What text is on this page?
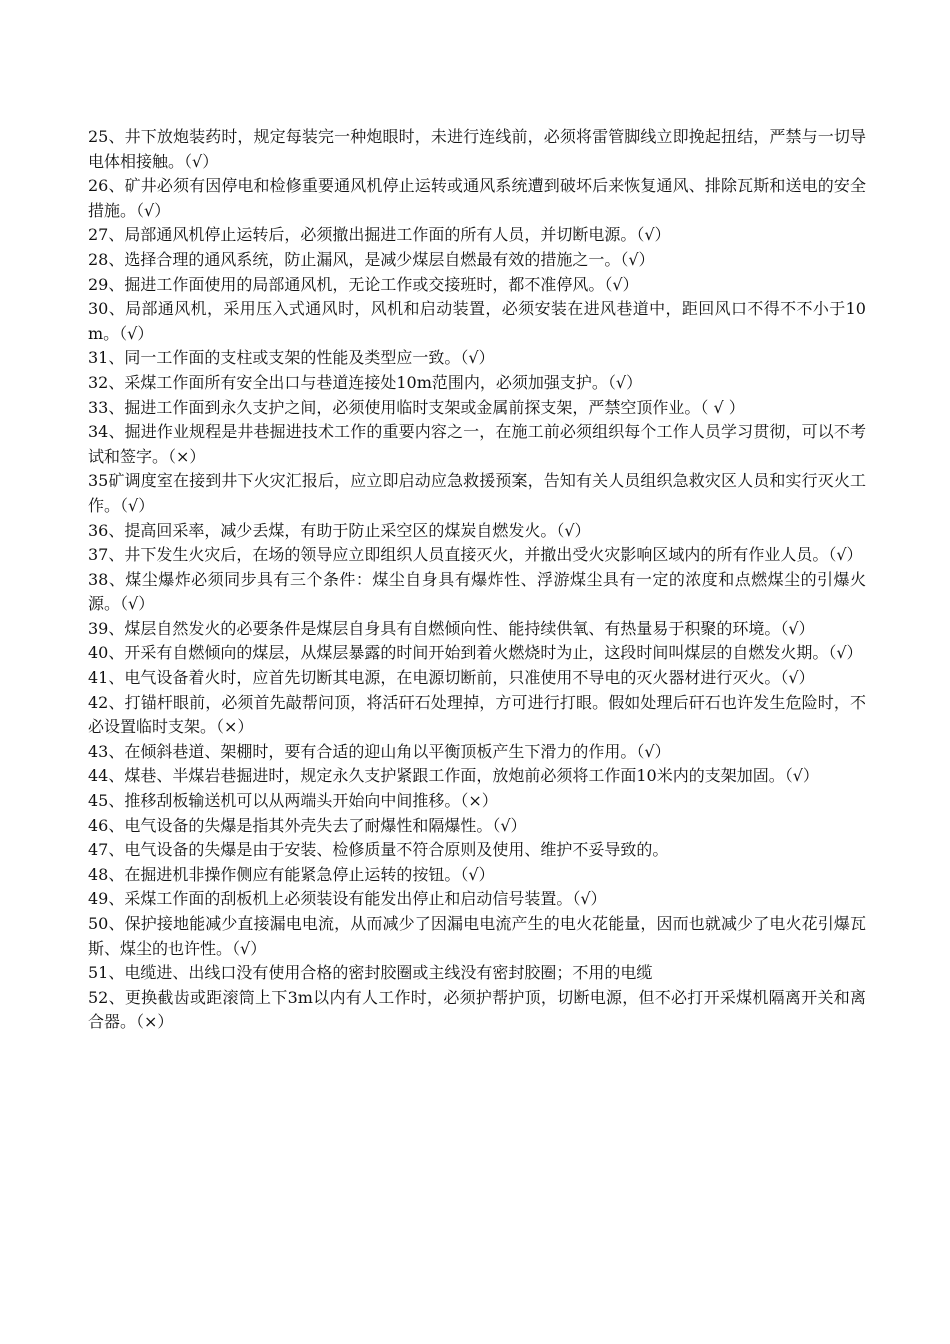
25、井下放炮装药时，规定每装完一种炮眼时，未进行连线前，必须将雷管脚线立即挽起扭结，严禁与一切导电体相接触。（√）

26、矿井必须有因停电和检修重要通风机停止运转或通风系统遭到破坏后来恢复通风、排除瓦斯和送电的安全措施。（√）

27、局部通风机停止运转后，必须撤出掘进工作面的所有人员，并切断电源。（√）

28、选择合理的通风系统，防止漏风，是减少煤层自燃最有效的措施之一。（√）

29、掘进工作面使用的局部通风机，无论工作或交接班时，都不准停风。（√）

30、局部通风机，采用压入式通风时，风机和启动装置，必须安装在进风巷道中，距回风口不得不不小于10m。（√）

31、同一工作面的支柱或支架的性能及类型应一致。（√）

32、采煤工作面所有安全出口与巷道连接处10m范围内，必须加强支护。（√）

33、掘进工作面到永久支护之间，必须使用临时支架或金属前探支架，严禁空顶作业。（ √ ）

34、掘进作业规程是井巷掘进技术工作的重要内容之一，在施工前必须组织每个工作人员学习贯彻，可以不考试和签字。（×）

35矿调度室在接到井下火灾汇报后，应立即启动应急救援预案，告知有关人员组织急救灾区人员和实行灭火工作。（√）

36、提高回采率，减少丢煤，有助于防止采空区的煤炭自燃发火。（√）

37、井下发生火灾后，在场的领导应立即组织人员直接灭火，并撤出受火灾影响区域内的所有作业人员。（√）

38、煤尘爆炸必须同步具有三个条件：煤尘自身具有爆炸性、浮游煤尘具有一定的浓度和点燃煤尘的引爆火源。（√）

39、煤层自然发火的必要条件是煤层自身具有自燃倾向性、能持续供氧、有热量易于积聚的环境。（√）

40、开采有自燃倾向的煤层，从煤层暴露的时间开始到着火燃烧时为止，这段时间叫煤层的自燃发火期。（√）

41、电气设备着火时，应首先切断其电源，在电源切断前，只准使用不导电的灭火器材进行灭火。（√）

42、打锚杆眼前，必须首先敲帮问顶，将活矸石处理掉，方可进行打眼。假如处理后矸石也许发生危险时，不必设置临时支架。（×）

43、在倾斜巷道、架棚时，要有合适的迎山角以平衡顶板产生下滑力的作用。（√）

44、煤巷、半煤岩巷掘进时，规定永久支护紧跟工作面，放炮前必须将工作面10米内的支架加固。（√）

45、推移刮板输送机可以从两端头开始向中间推移。（×）

46、电气设备的失爆是指其外壳失去了耐爆性和隔爆性。（√）

47、电气设备的失爆是由于安装、检修质量不符合原则及使用、维护不妥导致的。

48、在掘进机非操作侧应有能紧急停止运转的按钮。（√）

49、采煤工作面的刮板机上必须装设有能发出停止和启动信号装置。（√）

50、保护接地能减少直接漏电电流，从而减少了因漏电电流产生的电火花能量，因而也就减少了电火花引爆瓦斯、煤尘的也许性。（√）

51、电缆进、出线口没有使用合格的密封胶圈或主线没有密封胶圈；不用的电缆

52、更换截齿或距滚筒上下3m以内有人工作时，必须护帮护顶，切断电源，但不必打开采煤机隔离开关和离合器。（×）
